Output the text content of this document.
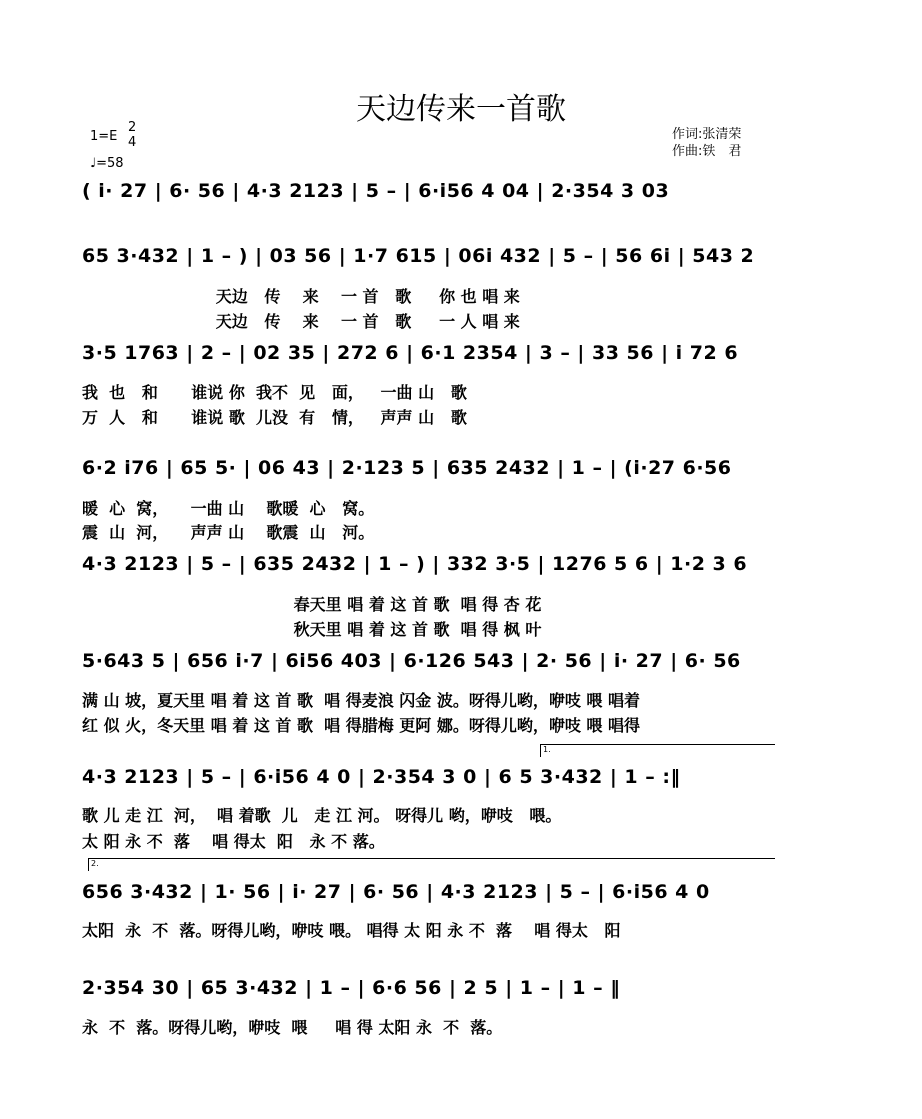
天边传来一首歌
1=E
2
4
♩=58
作词:张清荣
作曲:铁　君
( i· 27 | 6· 56 | 4·3 2123 | 5 – | 6·i56 4 04 | 2·354 3 03
65 3·432 | 1 – ) | 03 56 | 1·7 615 | 06i 432 | 5 – | 56 6i | 543 2
天边   传    来    一 首   歌     你 也 唱 来
天边   传    来    一 首   歌     一 人 唱 来
3·5 1763 | 2 – | 02 35 | 272 6 | 6·1 2354 | 3 – | 33 56 | i 72 6
我  也   和      谁说 你  我不  见   面，   一曲 山   歌
万  人   和      谁说 歌  儿没  有   情，   声声 山   歌
6·2 i76 | 65 5· | 06 43 | 2·123 5 | 635 2432 | 1 – | (i·27 6·56
暖  心  窝，    一曲 山    歌暖  心   窝。
震  山  河，    声声 山    歌震  山   河。
4·3 2123 | 5 – | 635 2432 | 1 – ) | 332 3·5 | 1276 5 6 | 1·2 3 6
春天里 唱 着 这 首 歌  唱 得 杏 花
秋天里 唱 着 这 首 歌  唱 得 枫 叶
5·643 5 | 656 i·7 | 6i56 403 | 6·126 543 | 2· 56 | i· 27 | 6· 56
满 山 坡，夏天里 唱 着 这 首 歌  唱 得麦浪 闪金 波。呀得儿哟，咿吱 喂 唱着
红 似 火，冬天里 唱 着 这 首 歌  唱 得腊梅 更阿 娜。呀得儿哟，咿吱 喂 唱得
1.
4·3 2123 | 5 – | 6·i56 4 0 | 2·354 3 0 | 6 5 3·432 | 1 – :‖
歌 儿 走 江  河，  唱 着歌  儿   走 江 河。 呀得儿 哟，咿吱   喂。
太 阳 永 不  落    唱 得太  阳   永 不 落。
2.
656 3·432 | 1· 56 | i· 27 | 6· 56 | 4·3 2123 | 5 – | 6·i56 4 0
太阳  永  不  落。呀得儿哟，咿吱 喂。 唱得 太 阳 永 不  落    唱 得太   阳
2·354 30 | 65 3·432 | 1 – | 6·6 56 | 2 5 | 1 – | 1 – ‖
永  不  落。呀得儿哟，咿吱  喂     唱 得 太阳 永  不  落。
